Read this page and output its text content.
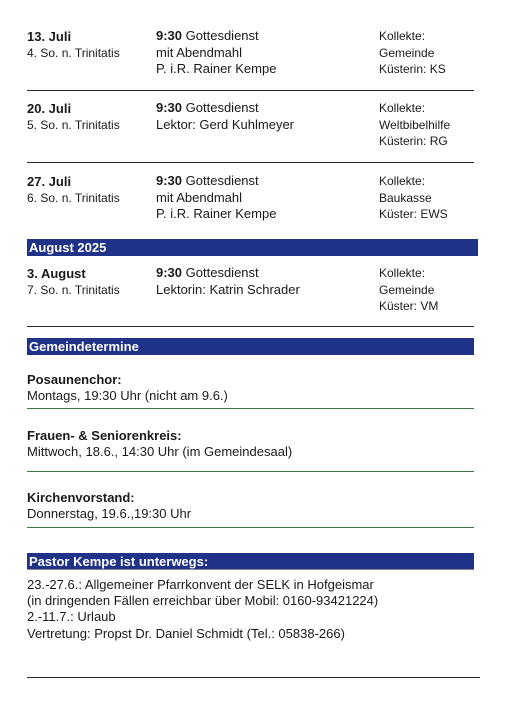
13. Juli
4. So. n. Trinitatis
9:30 Gottesdienst
mit Abendmahl
P. i.R. Rainer Kempe
Kollekte:
Gemeinde
Küsterin: KS
20. Juli
5. So. n. Trinitatis
9:30 Gottesdienst
Lektor: Gerd Kuhlmeyer
Kollekte:
Weltbibelhilfe
Küsterin: RG
27. Juli
6. So. n. Trinitatis
9:30 Gottesdienst
mit Abendmahl
P. i.R. Rainer Kempe
Kollekte:
Baukasse
Küster: EWS
August 2025
3. August
7. So. n. Trinitatis
9:30 Gottesdienst
Lektorin: Katrin Schrader
Kollekte:
Gemeinde
Küster: VM
Gemeindetermine
Posaunenchor:
Montags, 19:30 Uhr (nicht am 9.6.)
Frauen- & Seniorenkreis:
Mittwoch, 18.6., 14:30 Uhr (im Gemeindesaal)
Kirchenvorstand:
Donnerstag, 19.6.,19:30 Uhr
Pastor Kempe ist unterwegs:
23.-27.6.: Allgemeiner Pfarrkonvent der SELK in Hofgeismar
(in dringenden Fällen erreichbar über Mobil: 0160-93421224)
2.-11.7.: Urlaub
Vertretung: Propst Dr. Daniel Schmidt (Tel.: 05838-266)
